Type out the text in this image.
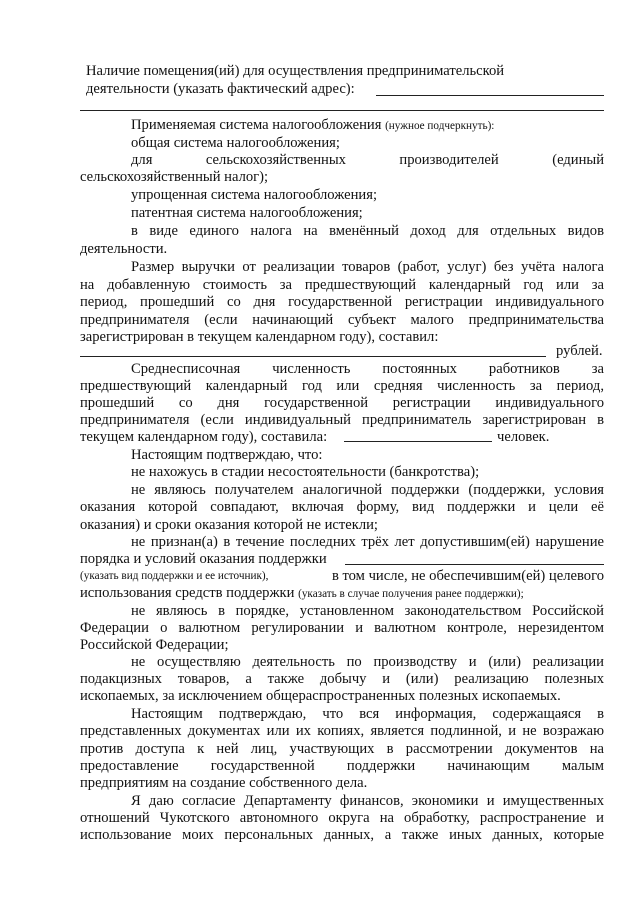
Наличие помещения(ий) для осуществления предпринимательской
деятельности (указать фактический адрес):
Применяемая система налогообложения (нужное подчеркнуть):
общая система налогообложения;
для	сельскохозяйственных	производителей	(единый
сельскохозяйственный налог);
упрощенная система налогообложения;
патентная система налогообложения;
в виде единого налога на вменённый доход для отдельных видов
деятельности.
Размер выручки от реализации товаров (работ, услуг) без учёта налога
на добавленную стоимость за предшествующий календарный год или за
период, прошедший со дня государственной регистрации индивидуального
предпринимателя (если начинающий субъект малого предпринимательства
зарегистрирован в текущем календарном году), составил:
рублей.
Среднесписочная численность постоянных работников за
предшествующий календарный год или средняя численность за период,
прошедший со дня государственной регистрации индивидуального
предпринимателя (если индивидуальный предприниматель зарегистрирован в
текущем календарном году), составила:	человек.
Настоящим подтверждаю, что:
не нахожусь в стадии несостоятельности (банкротства);
не являюсь получателем аналогичной поддержки (поддержки, условия
оказания которой совпадают, включая форму, вид поддержки и цели её
оказания) и сроки оказания которой не истекли;
не признан(а) в течение последних трёх лет допустившим(ей) нарушение
порядка и условий оказания поддержки
(указать вид поддержки и ее источник),	в том числе, не обеспечившим(ей) целевого
использования средств поддержки (указать в случае получения ранее поддержки);
не являюсь в порядке, установленном законодательством Российской
Федерации о валютном регулировании и валютном контроле, нерезидентом
Российской Федерации;
не осуществляю деятельность по производству и (или) реализации
подакцизных товаров, а также добычу и (или) реализацию полезных
ископаемых, за исключением общераспространенных полезных ископаемых.
Настоящим подтверждаю, что вся информация, содержащаяся в
представленных документах или их копиях, является подлинной, и не возражаю
против доступа к ней лиц, участвующих в рассмотрении документов на
предоставление государственной поддержки начинающим малым
предприятиям на создание собственного дела.
Я даю согласие Департаменту финансов, экономики и имущественных
отношений Чукотского автономного округа на обработку, распространение и
использование моих персональных данных, а также иных данных, которые
